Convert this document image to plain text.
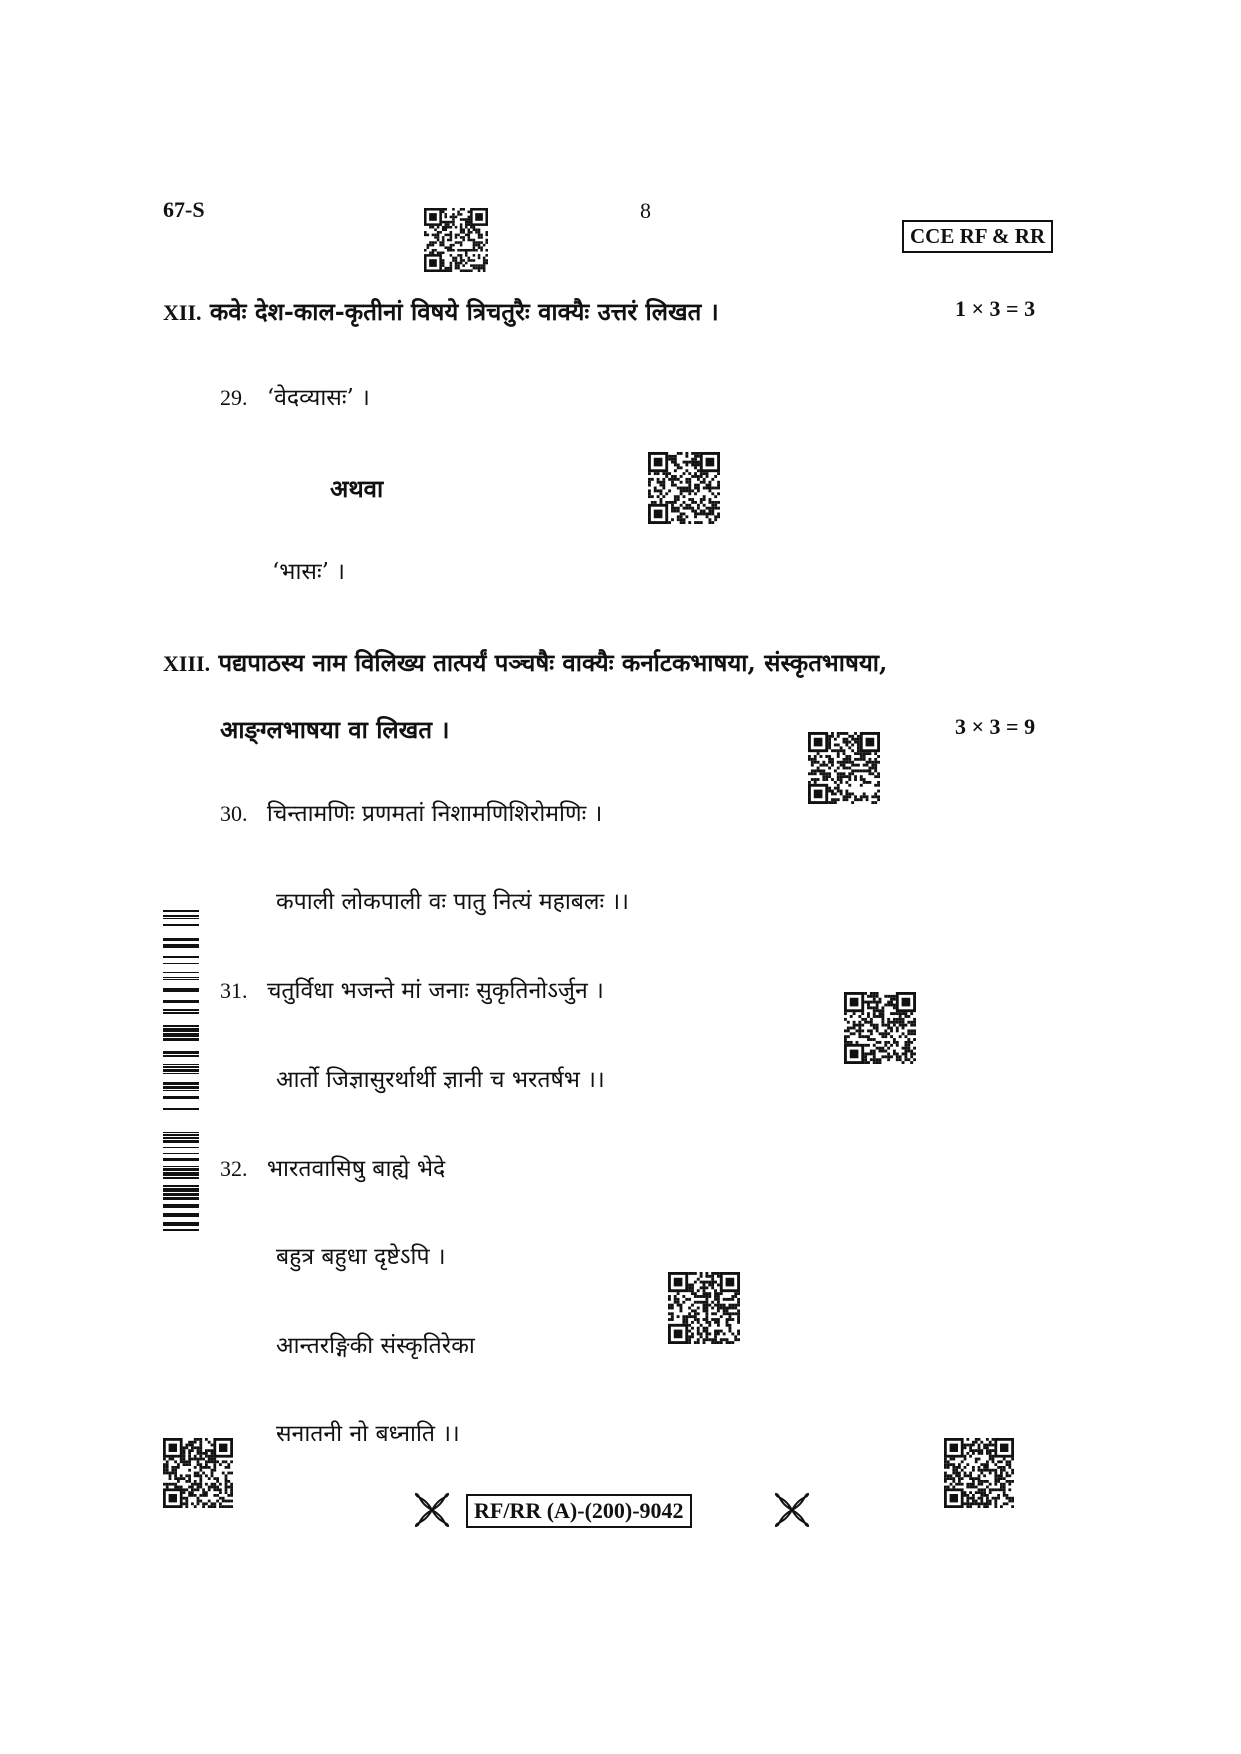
67-S	8
CCE RF & RR
XII. कवेः देश-काल-कृतीनां विषये त्रिचतुरैः वाक्यैः उत्तरं लिखत ।	1 × 3 = 3
29. ‘वेदव्यासः’ ।
अथवा
‘भासः’ ।
XIII. पद्यपाठस्य नाम विलिख्य तात्पर्यं पञ्चषैः वाक्यैः कर्नाटकभाषया, संस्कृतभाषया,
आङ्ग्लभाषया वा लिखत ।	3 × 3 = 9
30. चिन्तामणिः प्रणमतां निशामणिशिरोमणिः ।
कपाली लोकपाली वः पातु नित्यं महाबलः ।।
31. चतुर्विधा भजन्ते मां जनाः सुकृतिनोऽर्जुन ।
आर्तो जिज्ञासुरर्थार्थी ज्ञानी च भरतर्षभ ।।
32. भारतवासिषु बाह्ये भेदे
बहुत्र बहुधा दृष्टेऽपि ।
आन्तरङ्गिकी संस्कृतिरेका
सनातनी नो बध्नाति ।।
RF/RR (A)-(200)-9042
